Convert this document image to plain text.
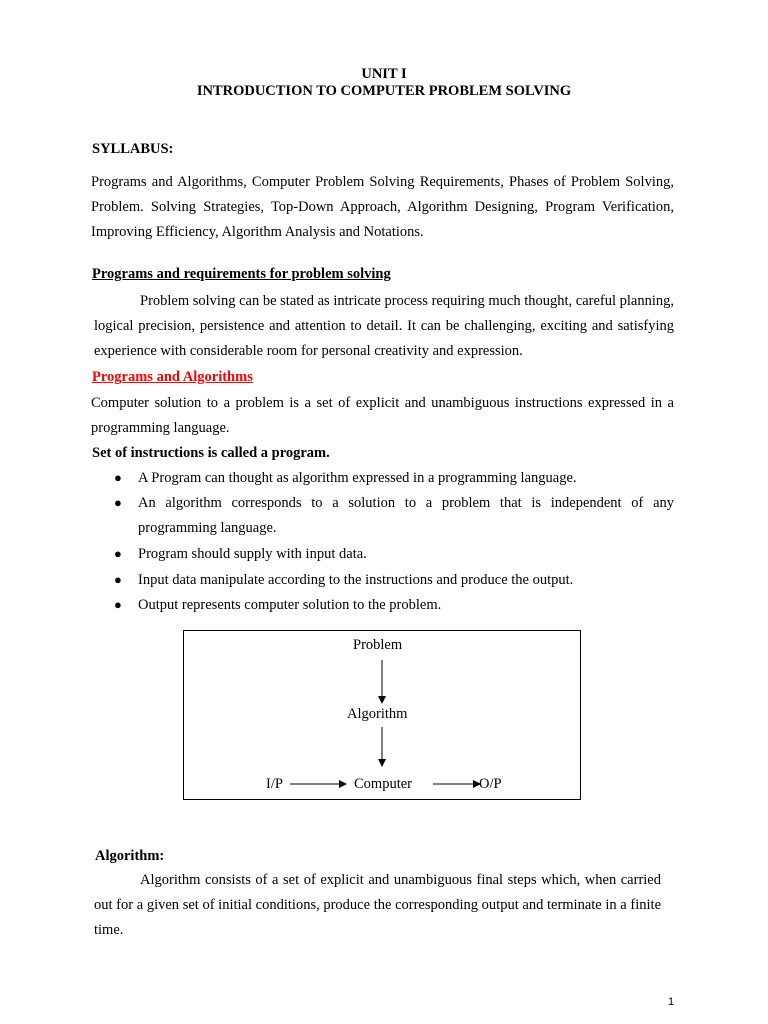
UNIT I
INTRODUCTION TO COMPUTER PROBLEM SOLVING
SYLLABUS:
Programs and Algorithms, Computer Problem Solving Requirements, Phases of Problem Solving, Problem. Solving Strategies, Top-Down Approach, Algorithm Designing, Program Verification, Improving Efficiency, Algorithm Analysis and Notations.
Programs and requirements for problem solving
Problem solving can be stated as intricate process requiring much thought, careful planning, logical precision, persistence and attention to detail. It can be challenging, exciting and satisfying experience with considerable room for personal creativity and expression.
Programs and Algorithms
Computer solution to a problem is a set of explicit and unambiguous instructions expressed in a programming language.
Set of instructions is called a program.
● A Program can thought as algorithm expressed in a programming language.
● An algorithm corresponds to a solution to a problem that is independent of any programming language.
● Program should supply with input data.
● Input data manipulate according to the instructions and produce the output.
● Output represents computer solution to the problem.
Problem
Algorithm
I/P	Computer	O/P
Algorithm:
Algorithm consists of a set of explicit and unambiguous final steps which, when carried out for a given set of initial conditions, produce the corresponding output and terminate in a finite time.
1
